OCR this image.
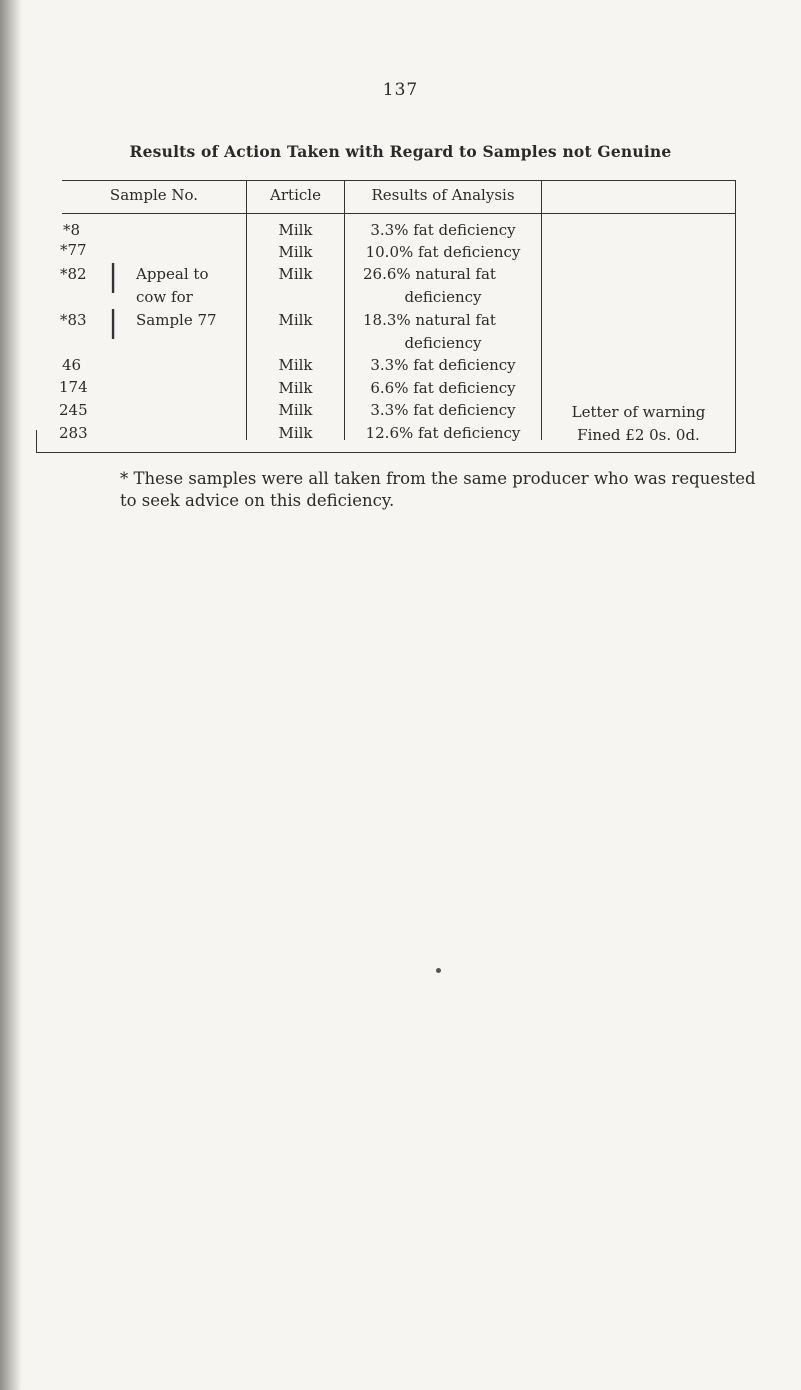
137
Results of Action Taken with Regard to Samples not Genuine
Sample No.	Article	Results of Analysis
*8
*77
*82
*83
46
174
245
283
|
|
Appeal to
cow for
Sample 77
Milk
Milk
Milk
Milk
Milk
Milk
Milk
Milk
3.3% fat deficiency
10.0% fat deficiency
26.6% natural fat
deficiency
18.3% natural fat
deficiency
3.3% fat deficiency
6.6% fat deficiency
3.3% fat deficiency
12.6% fat deficiency
Letter of warning
Fined £2 0s. 0d.
* These samples were all taken from the same producer who was requested to seek advice on this deficiency.
